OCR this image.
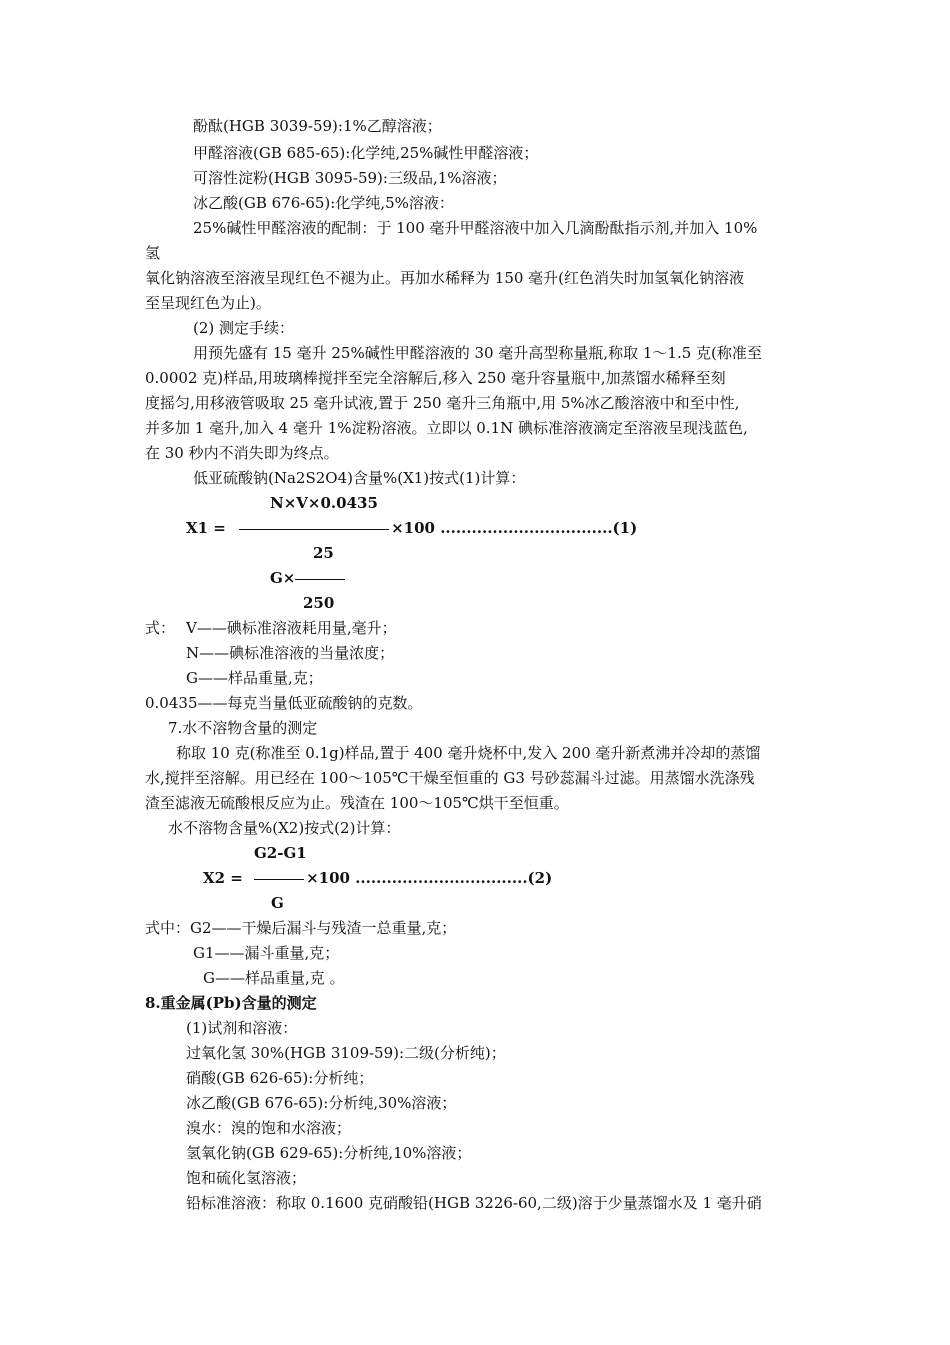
酚酞(HGB 3039-59):1%乙醇溶液；
甲醛溶液(GB 685-65):化学纯,25%碱性甲醛溶液；
可溶性淀粉(HGB 3095-59):三级品,1%溶液；
冰乙酸(GB 676-65):化学纯,5%溶液：
25%碱性甲醛溶液的配制：于 100 毫升甲醛溶液中加入几滴酚酞指示剂,并加入 10%
氢
氧化钠溶液至溶液呈现红色不褪为止。再加水稀释为 150 毫升(红色消失时加氢氧化钠溶液
至呈现红色为止)。
(2) 测定手续：
用预先盛有 15 毫升 25%碱性甲醛溶液的 30 毫升高型称量瓶,称取 1～1.5 克(称准至
0.0002 克)样品,用玻璃棒搅拌至完全溶解后,移入 250 毫升容量瓶中,加蒸馏水稀释至刻
度摇匀,用移液管吸取 25 毫升试液,置于 250 毫升三角瓶中,用 5%冰乙酸溶液中和至中性,
并多加 1 毫升,加入 4 毫升 1%淀粉溶液。立即以 0.1N 碘标准溶液滴定至溶液呈现浅蓝色,
在 30 秒内不消失即为终点。
低亚硫酸钠(Na2S2O4)含量%(X1)按式(1)计算：
N×V×0.0435
X1 =	×100 .................................(1)
25
G×
250
式： V——碘标准溶液耗用量,毫升；
N——碘标准溶液的当量浓度；
G——样品重量,克；
0.0435——每克当量低亚硫酸钠的克数。
7.水不溶物含量的测定
称取 10 克(称准至 0.1g)样品,置于 400 毫升烧杯中,发入 200 毫升新煮沸并冷却的蒸馏
水,搅拌至溶解。用已经在 100～105℃干燥至恒重的 G3 号砂蕊漏斗过滤。用蒸馏水洗涤残
渣至滤液无硫酸根反应为止。残渣在 100～105℃烘干至恒重。
水不溶物含量%(X2)按式(2)计算：
G2-G1
X2 =	×100 .................................(2)
G
式中：G2——干燥后漏斗与残渣一总重量,克；
G1——漏斗重量,克；
G——样品重量,克 。
8.重金属(Pb)含量的测定
(1)试剂和溶液：
过氧化氢 30%(HGB 3109-59):二级(分析纯)；
硝酸(GB 626-65):分析纯；
冰乙酸(GB 676-65):分析纯,30%溶液；
溴水：溴的饱和水溶液；
氢氧化钠(GB 629-65):分析纯,10%溶液；
饱和硫化氢溶液；
铅标准溶液：称取 0.1600 克硝酸铅(HGB 3226-60,二级)溶于少量蒸馏水及 1 毫升硝
